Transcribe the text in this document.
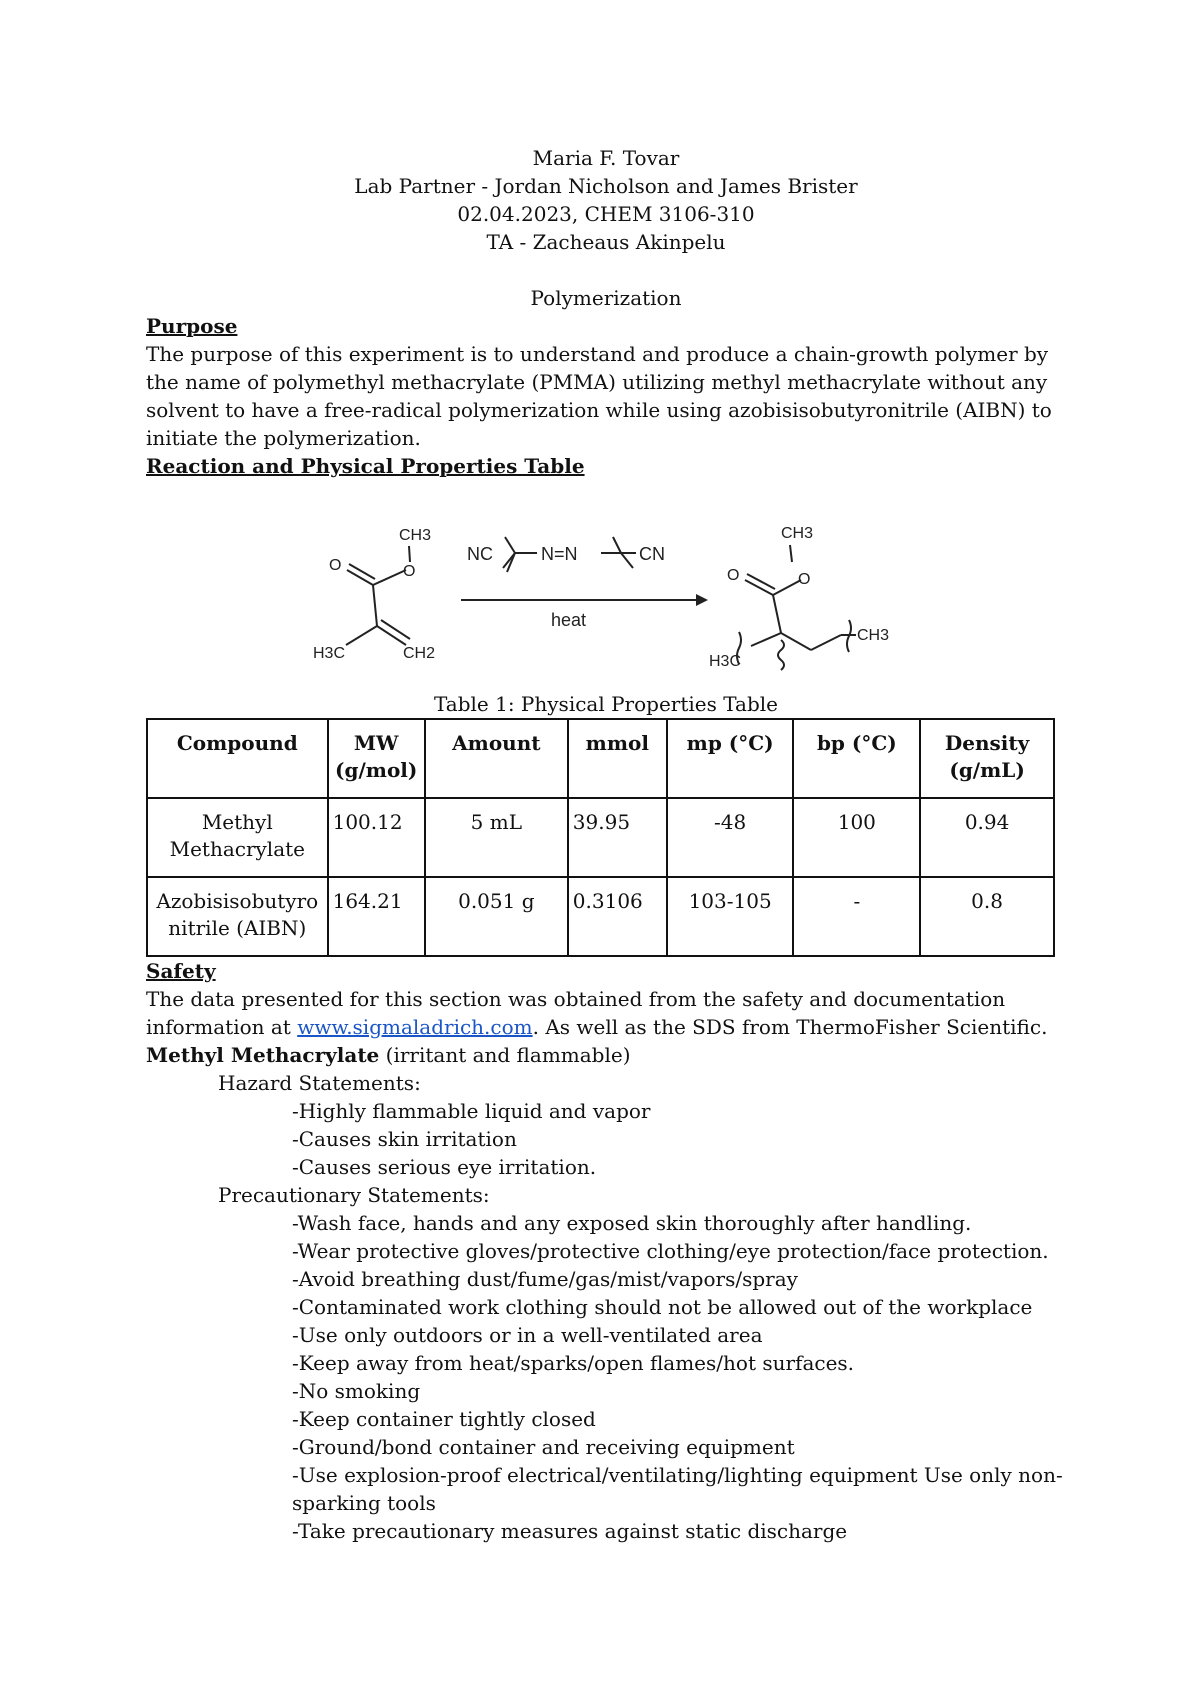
Maria F. Tovar

Lab Partner - Jordan Nicholson and James Brister

02.04.2023, CHEM 3106-310

TA - Zacheaus Akinpelu

Polymerization

Purpose

The purpose of this experiment is to understand and produce a chain-growth polymer by the name of polymethyl methacrylate (PMMA) utilizing methyl methacrylate without any solvent to have a free-radical polymerization while using azobisisobutyronitrile (AIBN) to initiate the polymerization.

Reaction and Physical Properties Table

CH3
O	O
H3C	CH2
NC	N=N	CN
heat
CH3
O	O
H3C
CH3

Table 1: Physical Properties Table

Compound	MW (g/mol)	Amount	mmol	mp (°C)	bp (°C)	Density (g/mL)
Methyl Methacrylate	100.12	5 mL	39.95	-48	100	0.94
Azobisisobutyro nitrile (AIBN)	164.21	0.051 g	0.3106	103-105	-	0.8

Safety

The data presented for this section was obtained from the safety and documentation information at www.sigmaladrich.com. As well as the SDS from ThermoFisher Scientific.

Methyl Methacrylate (irritant and flammable)

Hazard Statements:

-Highly flammable liquid and vapor

-Causes skin irritation

-Causes serious eye irritation.

Precautionary Statements:

-Wash face, hands and any exposed skin thoroughly after handling.

-Wear protective gloves/protective clothing/eye protection/face protection.

-Avoid breathing dust/fume/gas/mist/vapors/spray

-Contaminated work clothing should not be allowed out of the workplace

-Use only outdoors or in a well-ventilated area

-Keep away from heat/sparks/open flames/hot surfaces.

-No smoking

-Keep container tightly closed

-Ground/bond container and receiving equipment

-Use explosion-proof electrical/ventilating/lighting equipment Use only non-sparking tools

-Take precautionary measures against static discharge
